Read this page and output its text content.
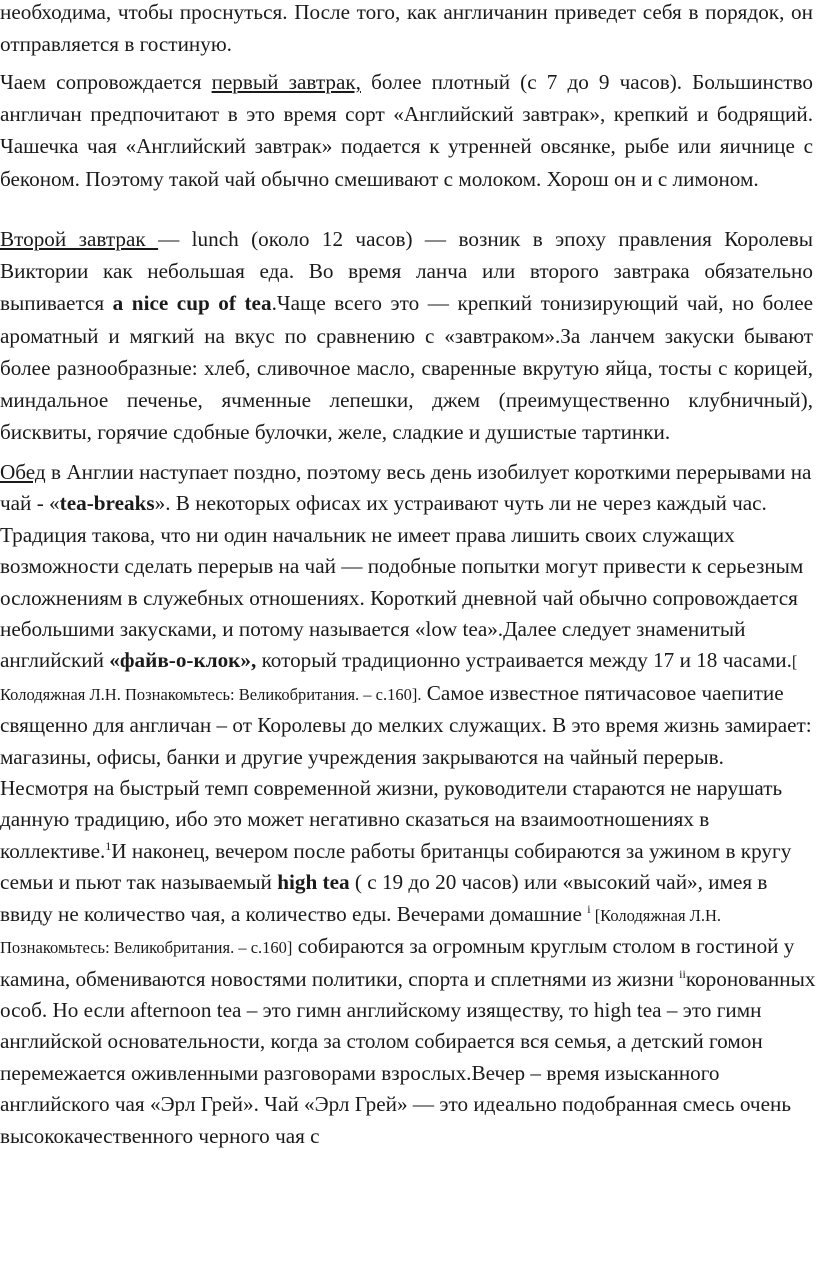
необходима, чтобы проснуться. После того, как англичанин приведет себя в порядок, он отправляется в гостиную.

Чаем сопровождается первый завтрак, более плотный (с 7 до 9 часов). Большинство англичан предпочитают в это время сорт «Английский завтрак», крепкий и бодрящий. Чашечка чая «Английский завтрак» подается к утренней овсянке, рыбе или яичнице с беконом. Поэтому такой чай обычно смешивают с молоком. Хорош он и с лимоном.

Второй завтрак — lunch (около 12 часов) — возник в эпоху правления Королевы Виктории как небольшая еда. Во время ланча или второго завтрака обязательно выпивается a nice cup of tea.Чаще всего это — крепкий тонизирующий чай, но более ароматный и мягкий на вкус по сравнению с «завтраком».За ланчем закуски бывают более разнообразные: хлеб, сливочное масло, сваренные вкрутую яйца, тосты с корицей, миндальное печенье, ячменные лепешки, джем (преимущественно клубничный), бисквиты, горячие сдобные булочки, желе, сладкие и душистые тартинки.

Обед в Англии наступает поздно, поэтому весь день изобилует короткими перерывами на чай - «tea-breaks». В некоторых офисах их устраивают чуть ли не через каждый час. Традиция такова, что ни один начальник не имеет права лишить своих служащих возможности сделать перерыв на чай — подобные попытки могут привести к серьезным осложнениям в служебных отношениях. Короткий дневной чай обычно сопровождается небольшими закусками, и потому называется «low tea».Далее следует знаменитый английский «файв-о-клок», который традиционно устраивается между 17 и 18 часами.[ Колодяжная Л.Н. Познакомьтесь: Великобритания. – с.160]. Самое известное пятичасовое чаепитие священно для англичан – от Королевы до мелких служащих. В это время жизнь замирает: магазины, офисы, банки и другие учреждения закрываются на чайный перерыв. Несмотря на быстрый темп современной жизни, руководители стараются не нарушать данную традицию, ибо это может негативно сказаться на взаимоотношениях в коллективе.$^1$И наконец, вечером после работы британцы собираются за ужином в кругу семьи и пьют так называемый high tea ( с 19 до 20 часов) или «высокий чай», имея в ввиду не количество чая, а количество еды. Вечерами домашние $^i$ [Колодяжная Л.Н. Познакомьтесь: Великобритания. – с.160] собираются за огромным круглым столом в гостиной у камина, обмениваются новостями политики, спорта и сплетнями из жизни $^{ii}$коронованных особ. Но если afternoon tea – это гимн английскому изяществу, то high tea – это гимн английской основательности, когда за столом собирается вся семья, а детский гомон перемежается оживленными разговорами взрослых.Вечер – время изысканного английского чая «Эрл Грей». Чай «Эрл Грей» — это идеально подобранная смесь очень высококачественного черного чая с
